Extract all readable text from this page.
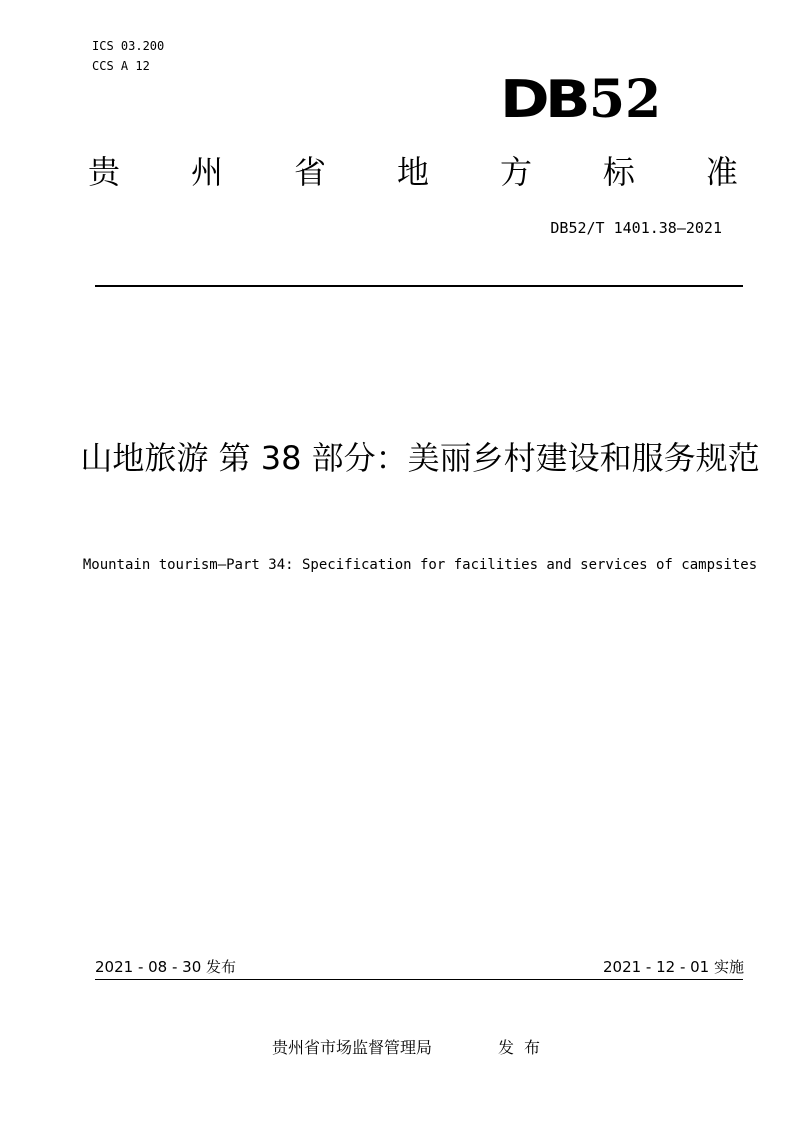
ICS 03.200
CCS A 12
DB 52
贵 州 省 地 方 标 准
DB52/T 1401.38—2021
山地旅游 第 38 部分：美丽乡村建设和服务规范
Mountain tourism—Part 34: Specification for facilities and services of campsites
2021 - 08 - 30 发布	2021 - 12 - 01 实施
贵州省市场监督管理局	发布
